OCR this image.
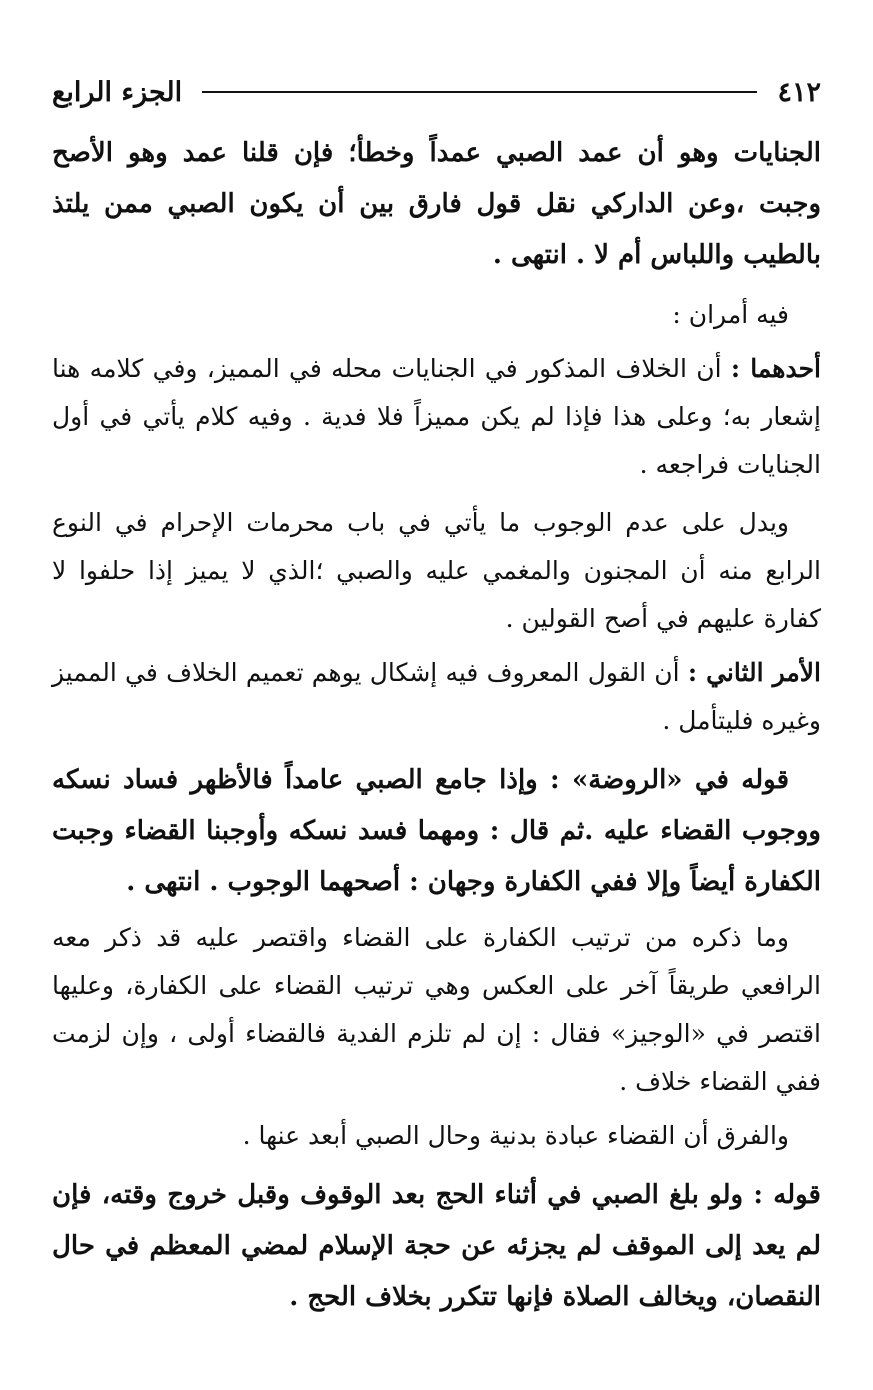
٤١٢
الجزء الرابع

الجنايات وهو أن عمد الصبي عمداً وخطأ؛ فإن قلنا عمد وهو الأصح وجبت ،وعن الداركي نقل قول فارق بين أن يكون الصبي ممن يلتذ بالطيب واللباس أم لا . انتهى .

فيه أمران :

أحدهما : أن الخلاف المذكور في الجنايات محله في المميز، وفي كلامه هنا إشعار به؛ وعلى هذا فإذا لم يكن مميزاً فلا فدية . وفيه كلام يأتي في أول الجنايات فراجعه .

ويدل على عدم الوجوب ما يأتي في باب محرمات الإحرام في النوع الرابع منه أن المجنون والمغمي عليه والصبي ؛الذي لا يميز إذا حلفوا لا كفارة عليهم في أصح القولين .

الأمر الثاني : أن القول المعروف فيه إشكال يوهم تعميم الخلاف في المميز وغيره فليتأمل .

قوله في «الروضة» : وإذا جامع الصبي عامداً فالأظهر فساد نسكه ووجوب القضاء عليه .ثم قال : ومهما فسد نسكه وأوجبنا القضاء وجبت الكفارة أيضاً وإلا ففي الكفارة وجهان : أصحهما الوجوب . انتهى .

وما ذكره من ترتيب الكفارة على القضاء واقتصر عليه قد ذكر معه الرافعي طريقاً آخر على العكس وهي ترتيب القضاء على الكفارة، وعليها اقتصر في «الوجيز» فقال : إن لم تلزم الفدية فالقضاء أولى ، وإن لزمت ففي القضاء خلاف .

والفرق أن القضاء عبادة بدنية وحال الصبي أبعد عنها .

قوله : ولو بلغ الصبي في أثناء الحج بعد الوقوف وقبل خروج وقته، فإن لم يعد إلى الموقف لم يجزئه عن حجة الإسلام لمضي المعظم في حال النقصان، ويخالف الصلاة فإنها تتكرر بخلاف الحج .
